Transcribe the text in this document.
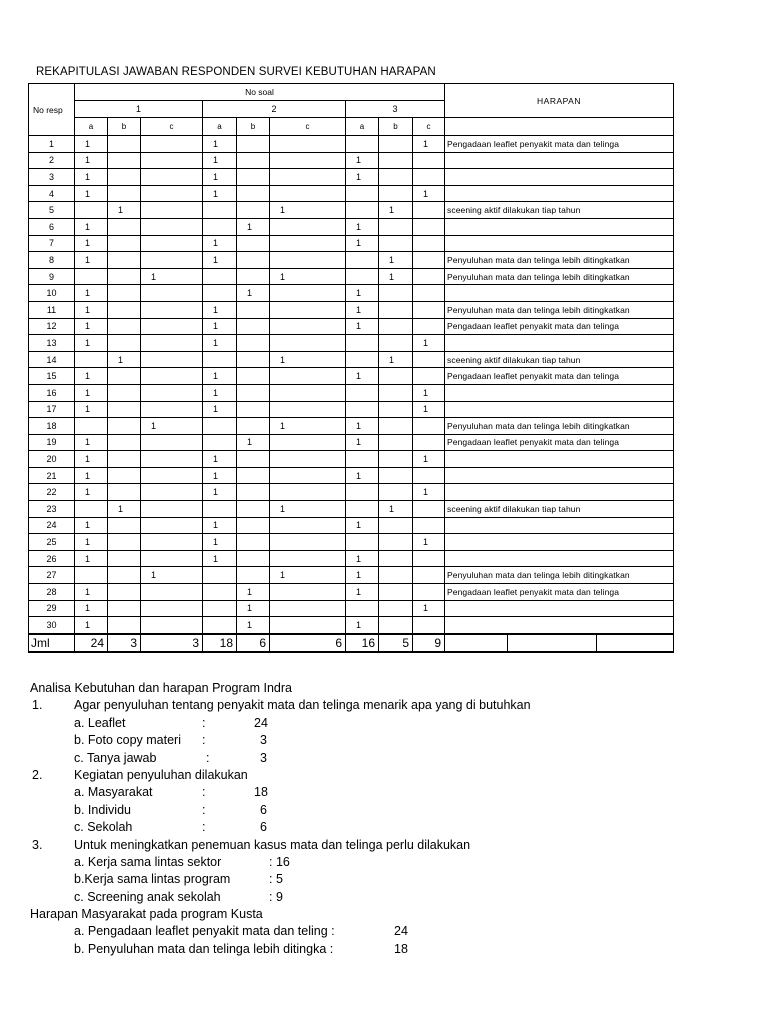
REKAPITULASI JAWABAN RESPONDEN SURVEI KEBUTUHAN HARAPAN
No resp	No soal									HARAPAN		
	1			2			3					
	a	b	c	a	b	c	a	b	c			
1	1			1					1	Pengadaan leaflet penyakit mata dan telinga		
2	1			1			1					
3	1			1			1					
4	1			1					1			
5		1				1		1		sceening aktif dilakukan tiap tahun		
6	1				1		1					
7	1			1			1					
8	1			1				1		Penyuluhan mata dan telinga lebih ditingkatkan		
9			1			1		1		Penyuluhan mata dan telinga lebih ditingkatkan		
10	1				1		1					
11	1			1			1			Penyuluhan mata dan telinga lebih ditingkatkan		
12	1			1			1			Pengadaan leaflet penyakit mata dan telinga		
13	1			1					1			
14		1				1		1		sceening aktif dilakukan tiap tahun		
15	1			1			1			Pengadaan leaflet penyakit mata dan telinga		
16	1			1					1			
17	1			1					1			
18			1			1	1			Penyuluhan mata dan telinga lebih ditingkatkan		
19	1				1		1			Pengadaan leaflet penyakit mata dan telinga		
20	1			1					1			
21	1			1			1					
22	1			1					1			
23		1				1		1		sceening aktif dilakukan tiap tahun		
24	1			1			1					
25	1			1					1			
26	1			1			1					
27			1			1	1			Penyuluhan mata dan telinga lebih ditingkatkan		
28	1				1		1			Pengadaan leaflet penyakit mata dan telinga		
29	1				1				1			
30	1				1		1					
Jml	24	3	3	18	6	6	16	5	9			
Analisa Kebutuhan dan harapan Program Indra
1.	Agar penyuluhan tentang penyakit mata dan telinga menarik apa yang di butuhkan
a. Leaflet	:	24
b. Foto copy materi :	3
c. Tanya jawab	:	3
2.	Kegiatan penyuluhan dilakukan
a. Masyarakat	:	18
b. Individu	:	6
c. Sekolah	:	6
3.	Untuk meningkatkan penemuan kasus mata dan telinga perlu dilakukan
a. Kerja sama lintas sektor	: 16
b.Kerja sama lintas program	: 5
c. Screening anak sekolah	: 9
Harapan Masyarakat pada program Kusta
a. Pengadaan leaflet penyakit mata dan teling :	24
b. Penyuluhan mata dan telinga lebih ditingka :	18
